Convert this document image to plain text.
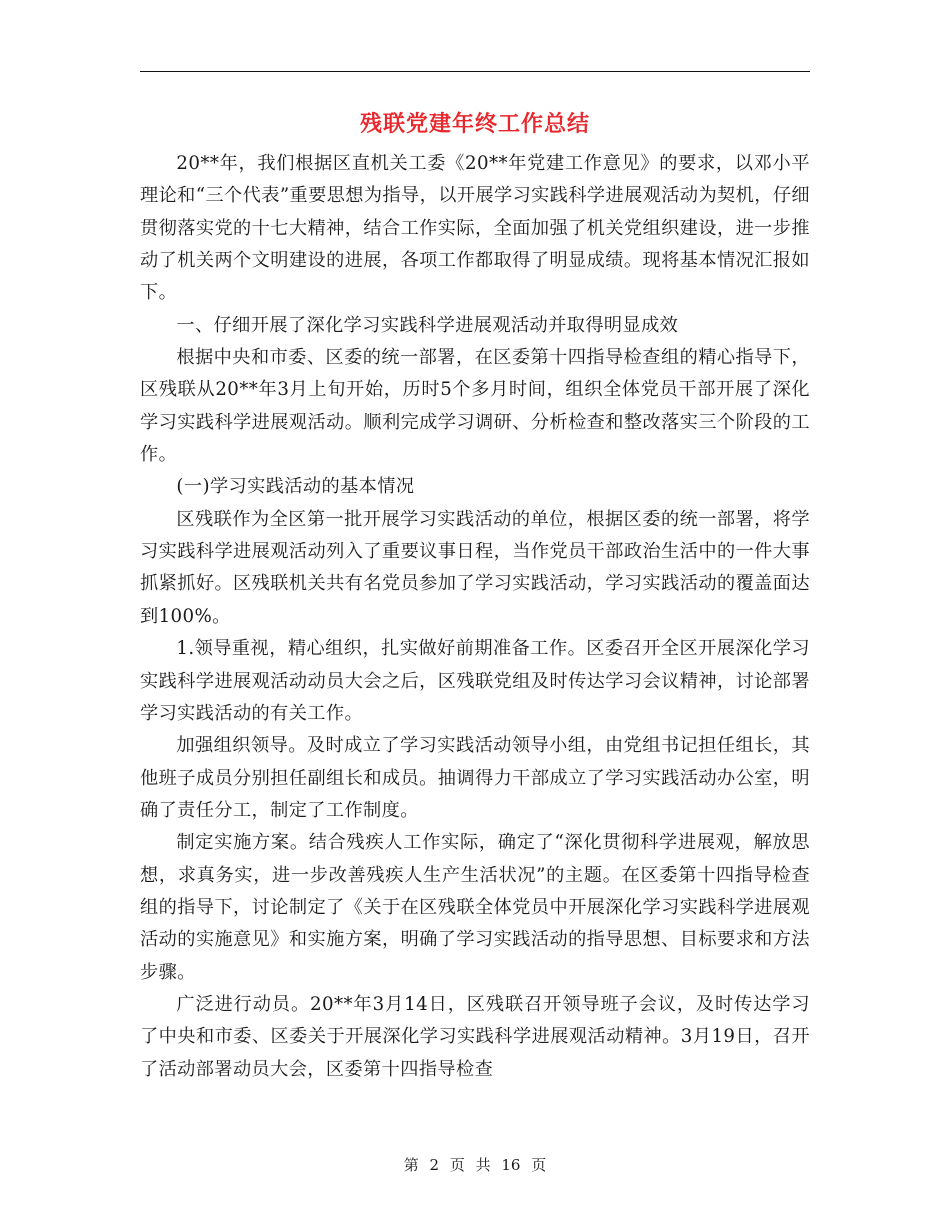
残联党建年终工作总结

20**年，我们根据区直机关工委《20**年党建工作意见》的要求，以邓小平理论和“三个代表”重要思想为指导，以开展学习实践科学进展观活动为契机，仔细贯彻落实党的十七大精神，结合工作实际，全面加强了机关党组织建设，进一步推动了机关两个文明建设的进展，各项工作都取得了明显成绩。现将基本情况汇报如下。

一、仔细开展了深化学习实践科学进展观活动并取得明显成效

根据中央和市委、区委的统一部署，在区委第十四指导检查组的精心指导下，区残联从20**年3月上旬开始，历时5个多月时间，组织全体党员干部开展了深化学习实践科学进展观活动。顺利完成学习调研、分析检查和整改落实三个阶段的工作。

(一)学习实践活动的基本情况

区残联作为全区第一批开展学习实践活动的单位，根据区委的统一部署，将学习实践科学进展观活动列入了重要议事日程，当作党员干部政治生活中的一件大事抓紧抓好。区残联机关共有名党员参加了学习实践活动，学习实践活动的覆盖面达到100%。

1.领导重视，精心组织，扎实做好前期准备工作。区委召开全区开展深化学习实践科学进展观活动动员大会之后，区残联党组及时传达学习会议精神，讨论部署学习实践活动的有关工作。

加强组织领导。及时成立了学习实践活动领导小组，由党组书记担任组长，其他班子成员分别担任副组长和成员。抽调得力干部成立了学习实践活动办公室，明确了责任分工，制定了工作制度。

制定实施方案。结合残疾人工作实际，确定了“深化贯彻科学进展观，解放思想，求真务实，进一步改善残疾人生产生活状况”的主题。在区委第十四指导检查组的指导下，讨论制定了《关于在区残联全体党员中开展深化学习实践科学进展观活动的实施意见》和实施方案，明确了学习实践活动的指导思想、目标要求和方法步骤。

广泛进行动员。20**年3月14日，区残联召开领导班子会议，及时传达学习了中央和市委、区委关于开展深化学习实践科学进展观活动精神。3月19日，召开了活动部署动员大会，区委第十四指导检查

第 2 页 共 16 页
